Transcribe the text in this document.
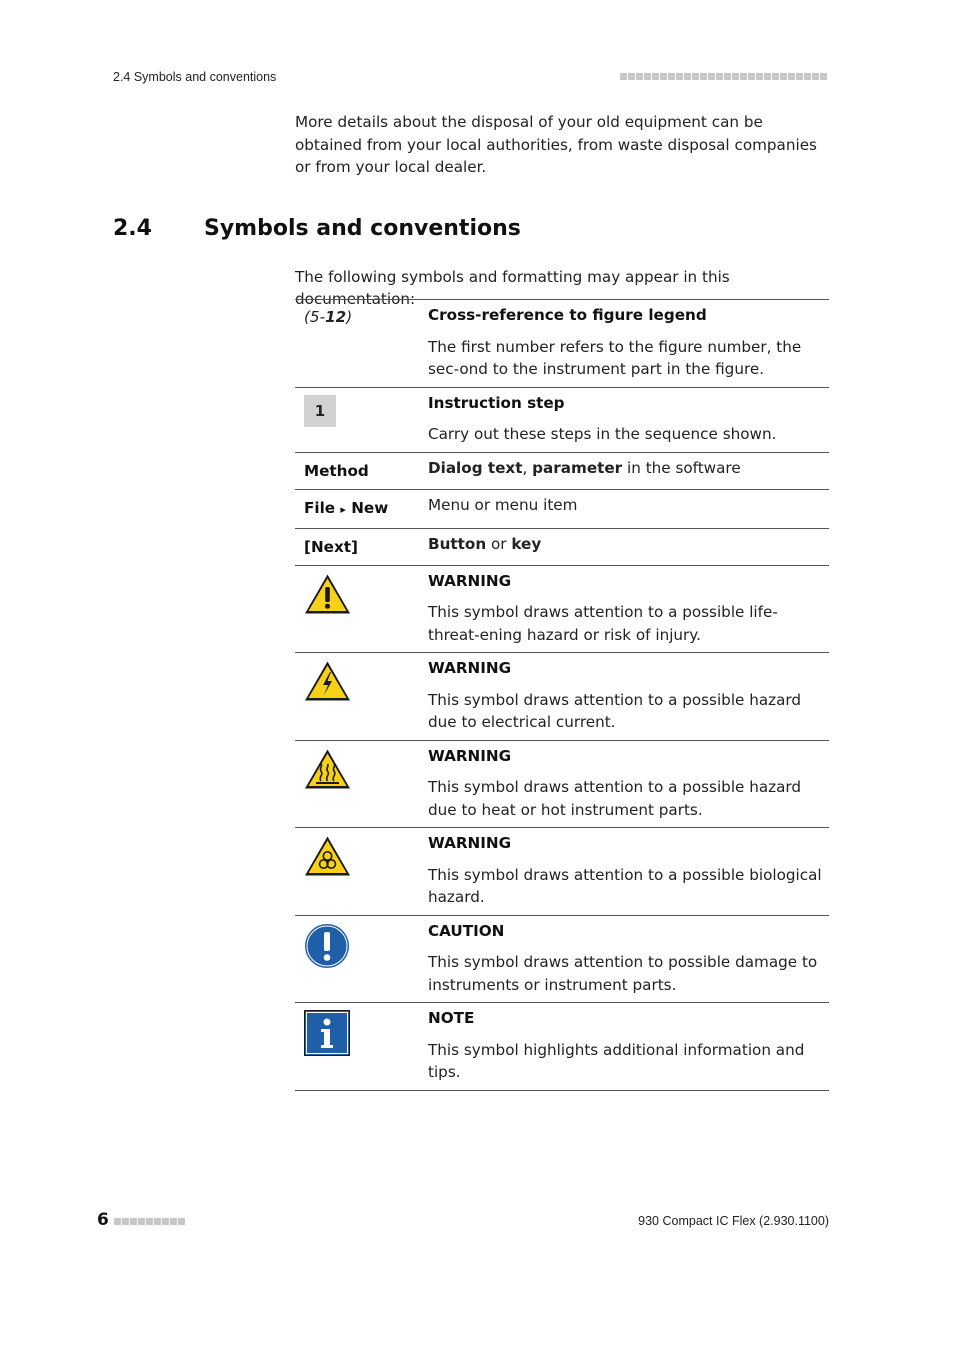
2.4 Symbols and conventions

More details about the disposal of your old equipment can be obtained from your local authorities, from waste disposal companies or from your local dealer.

2.4 Symbols and conventions

The following symbols and formatting may appear in this documentation:

(5-12)	Cross-reference to figure legend
The first number refers to the figure number, the sec-ond to the instrument part in the figure.

1	Instruction step
Carry out these steps in the sequence shown.

Method	Dialog text, parameter in the software
File ▸ New	Menu or menu item
[Next]	Button or key

WARNING
This symbol draws attention to a possible life-threat-ening hazard or risk of injury.

WARNING
This symbol draws attention to a possible hazard due to electrical current.

WARNING
This symbol draws attention to a possible hazard due to heat or hot instrument parts.

WARNING
This symbol draws attention to a possible biological hazard.

CAUTION
This symbol draws attention to possible damage to instruments or instrument parts.

NOTE
This symbol highlights additional information and tips.
6	930 Compact IC Flex (2.930.1100)
